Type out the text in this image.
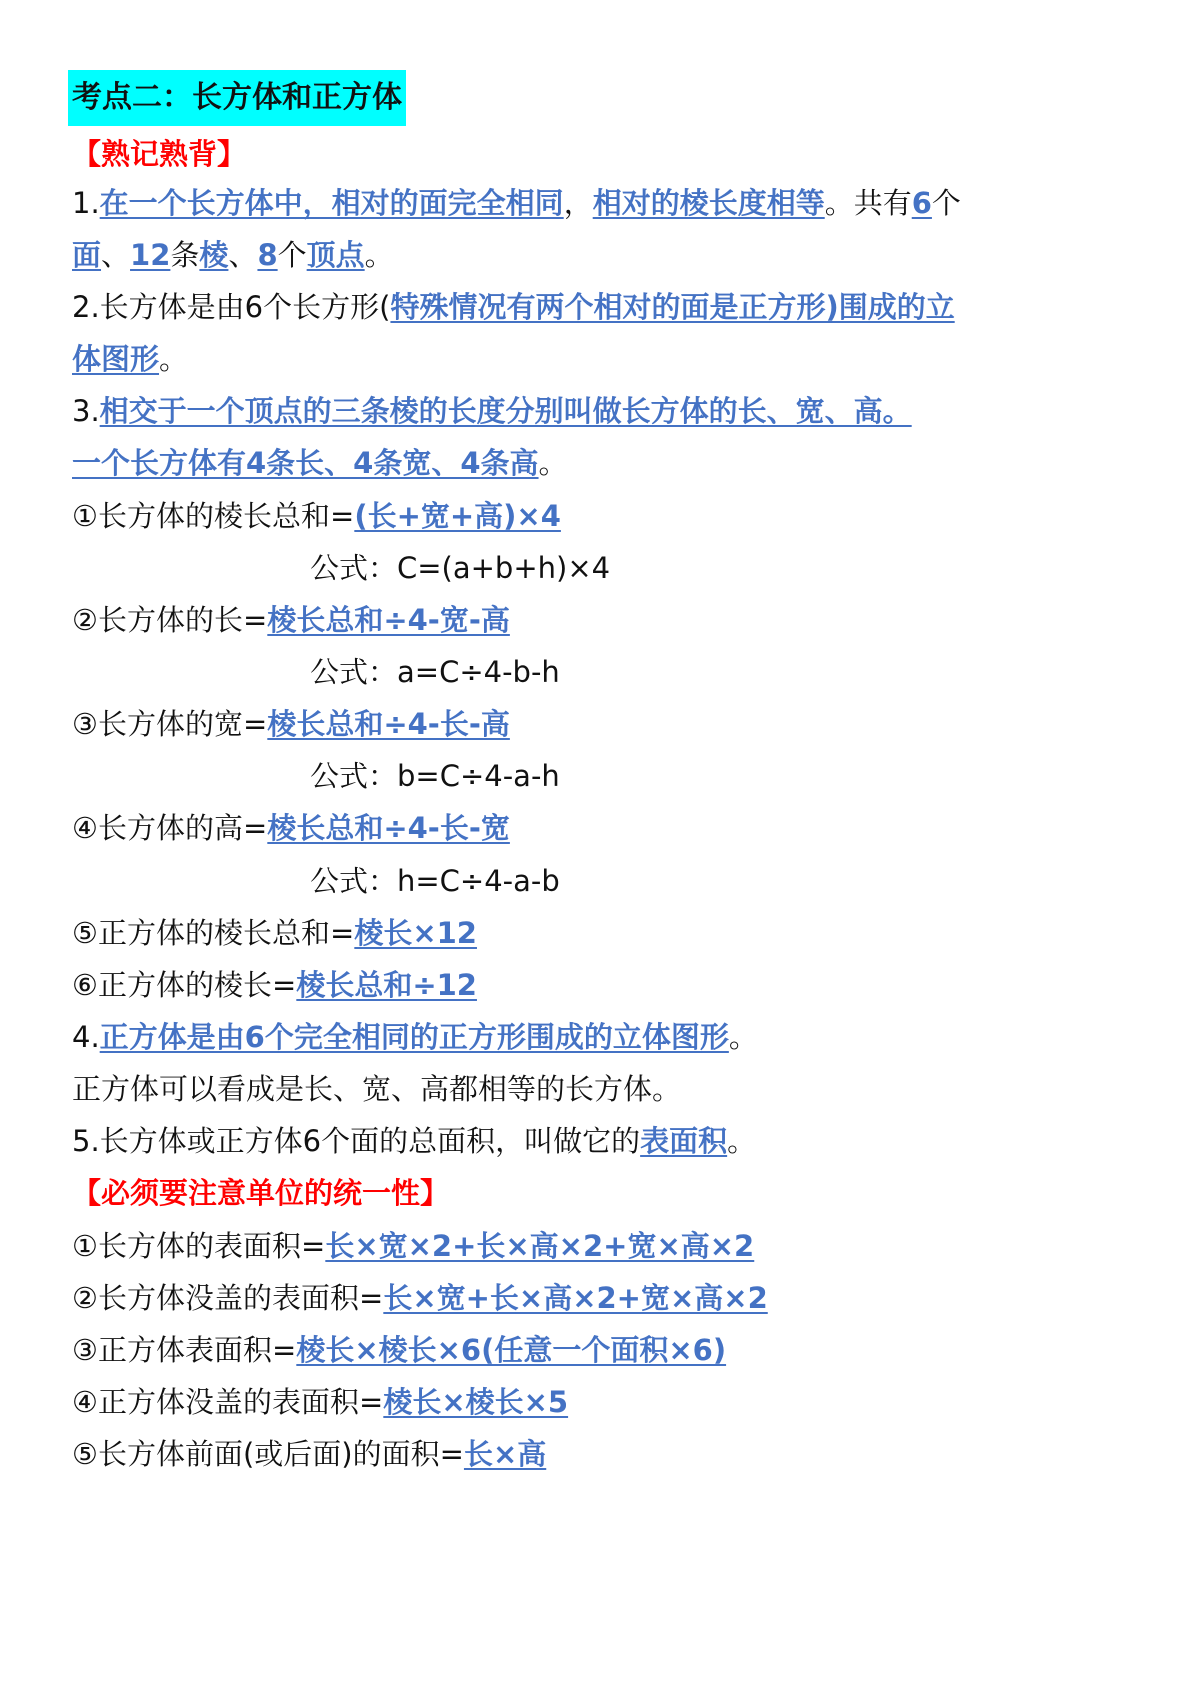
考点二：长方体和正方体
【熟记熟背】
1.在一个长方体中，相对的面完全相同，相对的棱长度相等。共有6个
面、12条棱、8个顶点。
2.长方体是由6个长方形(特殊情况有两个相对的面是正方形)围成的立
体图形。
3.相交于一个顶点的三条棱的长度分别叫做长方体的长、宽、高。
一个长方体有4条长、4条宽、4条高。
①长方体的棱长总和=(长+宽+高)×4
公式：C=(a+b+h)×4
②长方体的长=棱长总和÷4-宽-高
公式：a=C÷4-b-h
③长方体的宽=棱长总和÷4-长-高
公式：b=C÷4-a-h
④长方体的高=棱长总和÷4-长-宽
公式：h=C÷4-a-b
⑤正方体的棱长总和=棱长×12
⑥正方体的棱长=棱长总和÷12
4.正方体是由6个完全相同的正方形围成的立体图形。
正方体可以看成是长、宽、高都相等的长方体。
5.长方体或正方体6个面的总面积，叫做它的表面积。
【必须要注意单位的统一性】
①长方体的表面积=长×宽×2+长×高×2+宽×高×2
②长方体没盖的表面积=长×宽+长×高×2+宽×高×2
③正方体表面积=棱长×棱长×6(任意一个面积×6)
④正方体没盖的表面积=棱长×棱长×5
⑤长方体前面(或后面)的面积=长×高
